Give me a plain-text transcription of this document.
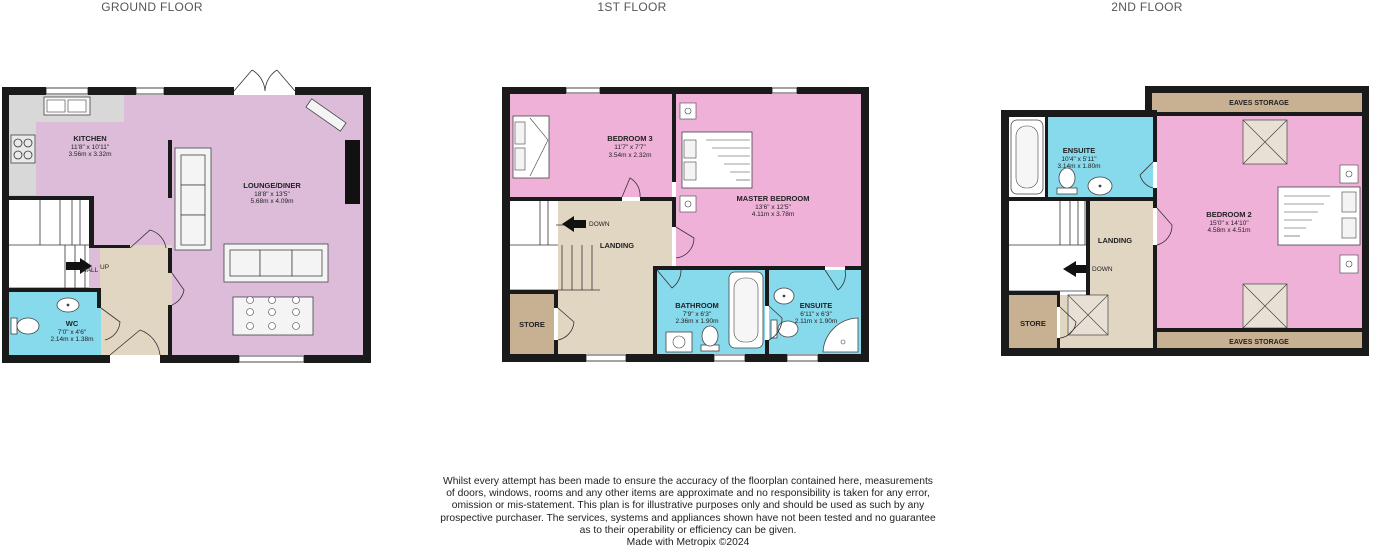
GROUND FLOOR
KITCHEN
11'8" x 10'11"
3.56m x 3.32m
LOUNGE/DINER
18'8" x 13'5"
5.68m x 4.09m
WC
7'0" x 4'6"
2.14m x 1.38m
HALL UP
1ST FLOOR
BEDROOM 3
11'7" x 7'7"
3.54m x 2.32m
MASTER BEDROOM
13'6" x 12'5"
4.11m x 3.78m
BATHROOM
7'9" x 6'3"
2.36m x 1.90m
ENSUITE
6'11" x 6'3"
2.11m x 1.90m
LANDING
STORE
DOWN
2ND FLOOR
EAVES STORAGE
EAVES STORAGE
ENSUITE
10'4" x 5'11"
3.14m x 1.80m
BEDROOM 2
15'0" x 14'10"
4.58m x 4.51m
LANDING
STORE
DOWN
Whilst every attempt has been made to ensure the accuracy of the floorplan contained here, measurements
of doors, windows, rooms and any other items are approximate and no responsibility is taken for any error,
omission or mis-statement. This plan is for illustrative purposes only and should be used as such by any
prospective purchaser. The services, systems and appliances shown have not been tested and no guarantee
as to their operability or efficiency can be given.
Made with Metropix ©2024
